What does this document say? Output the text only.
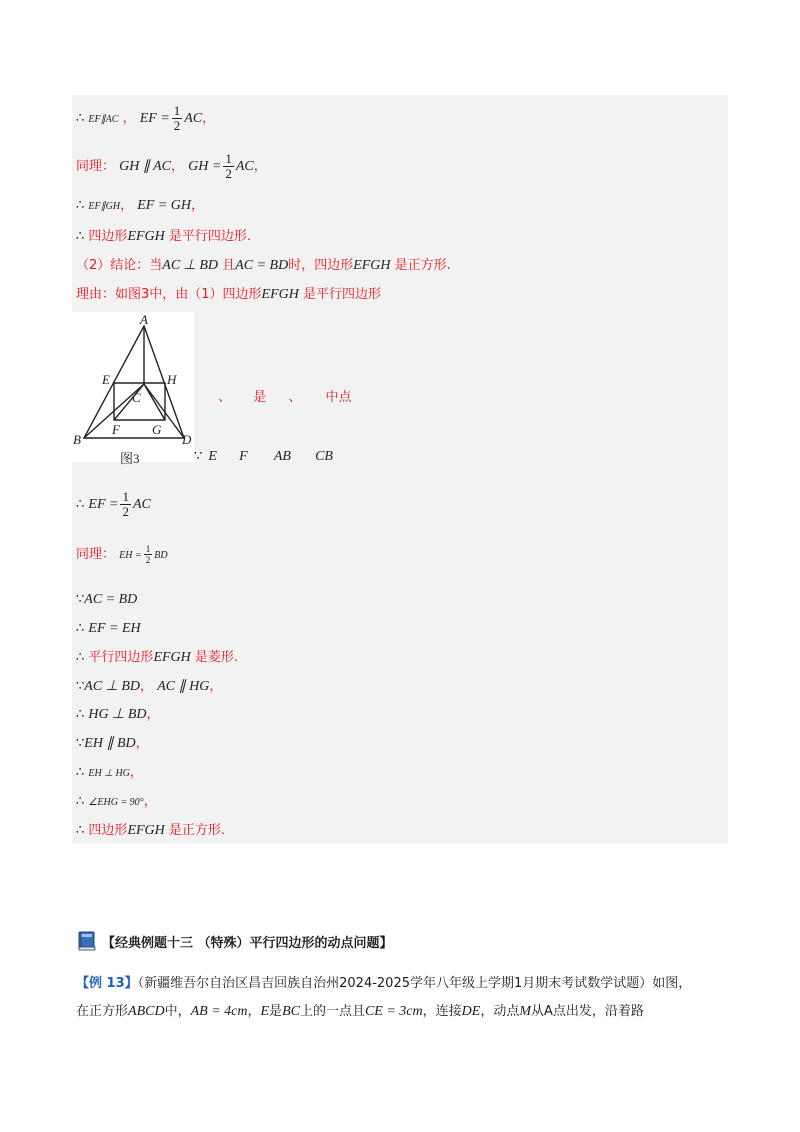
∴ EF∥AC ， EF = $\frac{1}{2}$ AC，
同理： GH ∥ AC， GH = $\frac{1}{2}$ AC，
∴ EF∥GH， EF = GH，
∴ 四边形EFGH 是平行四边形.
（2）结论：当AC ⊥ BD 且AC = BD时，四边形EFGH 是正方形.
理由：如图3中，由（1）四边形EFGH 是平行四边形
A
B
C
D
E
F G
H
图3
、 是 、 中点
∵ E F AB CB
∴ EF = $\frac{1}{2}$ AC
同理： EH = $\frac{1}{2}$ BD
∵AC = BD
∴ EF = EH
∴ 平行四边形EFGH 是菱形.
∵AC ⊥ BD， AC ∥ HG，
∴ HG ⊥ BD，
∵EH ∥ BD，
∴ EH ⊥ HG，
∴ ∠EHG = 90°，
∴ 四边形EFGH 是正方形.
【经典例题十三 （特殊）平行四边形的动点问题】
【例 13】（新疆维吾尔自治区昌吉回族自治州2024-2025学年八年级上学期1月期末考试数学试题）如图，
在正方形ABCD中，AB = 4cm，E是BC上的一点且CE = 3cm，连接DE，动点M从A点出发，沿着路
